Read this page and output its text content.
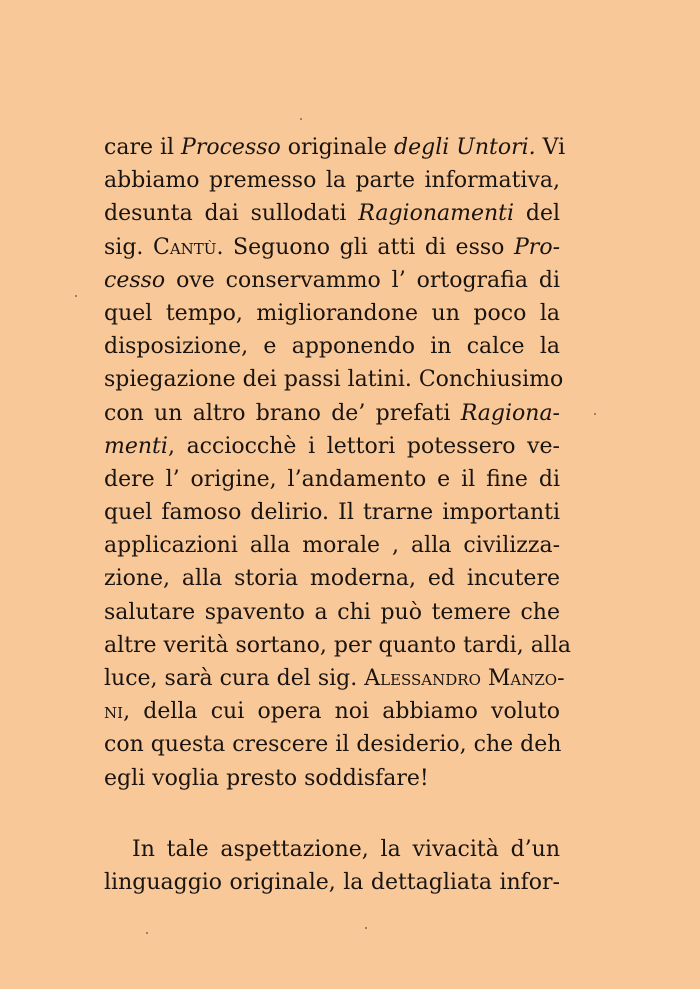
care il Processo originale degli Untori. Vi
abbiamo premesso la parte informativa,
desunta dai sullodati Ragionamenti del
sig. Cantù. Seguono gli atti di esso Pro-
cesso ove conservammo l’ ortografia di
quel tempo, migliorandone un poco la
disposizione, e apponendo in calce la
spiegazione dei passi latini. Conchiusimo
con un altro brano de’ prefati Ragiona-
menti, acciocchè i lettori potessero ve-
dere l’ origine, l’andamento e il fine di
quel famoso delirio. Il trarne importanti
applicazioni alla morale , alla civilizza-
zione, alla storia moderna, ed incutere
salutare spavento a chi può temere che
altre verità sortano, per quanto tardi, alla
luce, sarà cura del sig. Alessandro Manzo-
ni, della cui opera noi abbiamo voluto
con questa crescere il desiderio, che deh
egli voglia presto soddisfare!
In tale aspettazione, la vivacità d’un
linguaggio originale, la dettagliata infor-
